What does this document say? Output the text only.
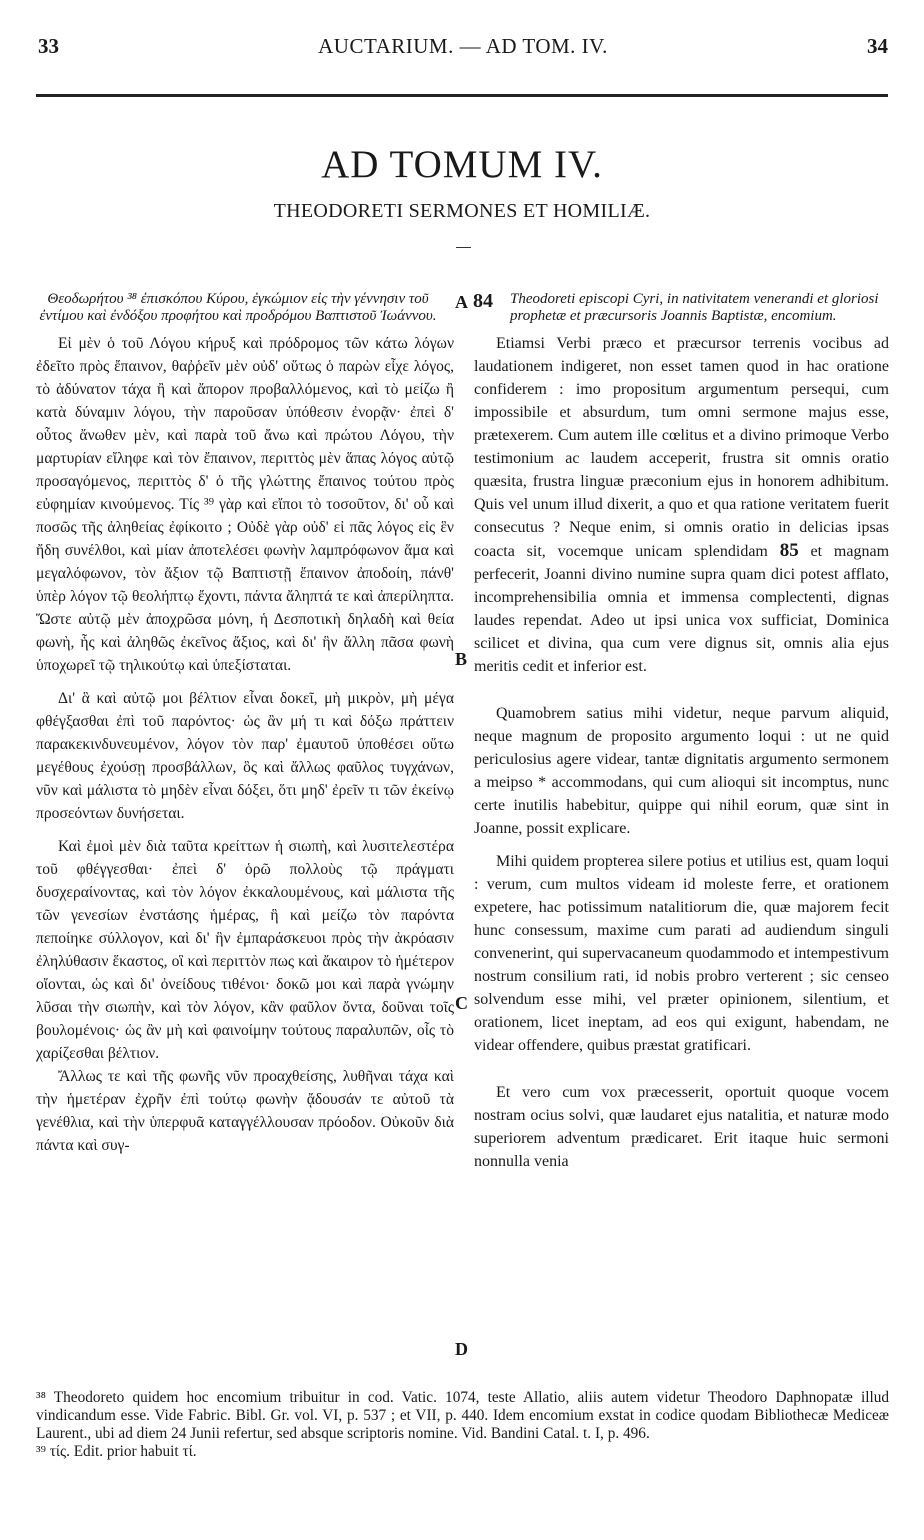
33	AUCTARIUM. — AD TOM. IV.	34
AD TOMUM IV.
THEODORETI SERMONES ET HOMILIÆ.

Θεοδωρήτου ³⁸ ἐπισκόπου Κύρου, ἐγκώμιον εἰς τὴν γέννησιν τοῦ ἐντίμου καὶ ἐνδόξου προφήτου καὶ προδρόμου Βαπτιστοῦ Ἰωάννου.

Εἰ μὲν ὁ τοῦ Λόγου κήρυξ καὶ πρόδρομος τῶν κάτω λόγων ἐδεῖτο πρὸς ἔπαινον, θαῤῥεῖν μὲν οὐδ' οὕτως ὁ παρὼν εἶχε λόγος, τὸ ἀδύνατον τάχα ἢ καὶ ἄπορον προβαλλόμενος, καὶ τὸ μείζω ἢ κατὰ δύναμιν λόγου, τὴν παροῦσαν ὑπόθεσιν ἐνορᾷν· ἐπεὶ δ' οὗτος ἄνωθεν μὲν, καὶ παρὰ τοῦ ἄνω καὶ πρώτου Λόγου, τὴν μαρτυρίαν εἴληφε καὶ τὸν ἔπαινον, περιττὸς μὲν ἅπας λόγος αὐτῷ προσαγόμενος, περιττὸς δ' ὁ τῆς γλώττης ἔπαινος τούτου πρὸς εὐφημίαν κινούμενος. Τίς ³⁹ γὰρ καὶ εἴποι τὸ τοσοῦτον, δι' οὗ καὶ ποσῶς τῆς ἀληθείας ἐφίκοιτο ; Οὐδὲ γὰρ οὐδ' εἰ πᾶς λόγος εἰς ἓν ἤδη συνέλθοι, καὶ μίαν ἀποτελέσει φωνὴν λαμπρόφωνον ἅμα καὶ μεγαλόφωνον, τὸν ἄξιον τῷ Βαπτιστῇ ἔπαινον ἀποδοίη, πάνθ' ὑπὲρ λόγον τῷ θεολήπτῳ ἔχοντι, πάντα ἄληπτά τε καὶ ἀπερίληπτα. Ὥστε αὐτῷ μὲν ἀποχρῶσα μόνη, ἡ Δεσποτικὴ δηλαδὴ καὶ θεία φωνὴ, ἧς καὶ ἀληθῶς ἐκεῖνος ἄξιος, καὶ δι' ἣν ἄλλη πᾶσα φωνὴ ὑποχωρεῖ τῷ τηλικούτῳ καὶ ὑπεξίσταται.

Δι' ἃ καὶ αὐτῷ μοι βέλτιον εἶναι δοκεῖ, μὴ μικρὸν, μὴ μέγα φθέγξασθαι ἐπὶ τοῦ παρόντος· ὡς ἂν μή τι καὶ δόξω πράττειν παρακεκινδυνευμένον, λόγον τὸν παρ' ἐμαυτοῦ ὑποθέσει οὕτω μεγέθους ἐχούσῃ προσβάλλων, ὃς καὶ ἄλλως φαῦλος τυγχάνων, νῦν καὶ μάλιστα τὸ μηδὲν εἶναι δόξει, ὅτι μηδ' ἐρεῖν τι τῶν ἐκείνῳ προσεόντων δυνήσεται.

Καὶ ἐμοὶ μὲν διὰ ταῦτα κρείττων ἡ σιωπὴ, καὶ λυσιτελεστέρα τοῦ φθέγγεσθαι· ἐπεὶ δ' ὁρῶ πολλοὺς τῷ πράγματι δυσχεραίνοντας, καὶ τὸν λόγον ἐκκαλουμένους, καὶ μάλιστα τῆς τῶν γενεσίων ἐνστάσης ἡμέρας, ἣ καὶ μείζω τὸν παρόντα πεποίηκε σύλλογον, καὶ δι' ἣν ἐμπαράσκευοι πρὸς τὴν ἀκρόασιν ἐληλύθασιν ἕκαστος, οἳ καὶ περιττὸν πως καὶ ἄκαιρον τὸ ἡμέτερον οἴονται, ὡς καὶ δι' ὀνείδους τιθένοι· δοκῶ μοι καὶ παρὰ γνώμην λῦσαι τὴν σιωπὴν, καὶ τὸν λόγον, κἂν φαῦλον ὄντα, δοῦναι τοῖς βουλομένοις· ὡς ἂν μὴ καὶ φαινοίμην τούτους παραλυπῶν, οἷς τὸ χαρίζεσθαι βέλτιον.

Ἄλλως τε καὶ τῆς φωνῆς νῦν προαχθείσης, λυθῆναι τάχα καὶ τὴν ἡμετέραν ἐχρῆν ἐπὶ τούτῳ φωνὴν ᾄδουσάν τε αὐτοῦ τὰ γενέθλια, καὶ τὴν ὑπερφυᾶ καταγγέλλουσαν πρόοδον. Οὐκοῦν διὰ πάντα καὶ συγ-

Theodoreti episcopi Cyri, in nativitatem venerandi et gloriosi prophetæ et præcursoris Joannis Baptistæ, encomium.

Etiamsi Verbi præco et præcursor terrenis vocibus ad laudationem indigeret, non esset tamen quod in hac oratione confiderem : imo propositum argumentum persequi, cum impossibile et absurdum, tum omni sermone majus esse, prætexerem. Cum autem ille cœlitus et a divino primoque Verbo testimonium ac laudem acceperit, frustra sit omnis oratio quæsita, frustra linguæ præconium ejus in honorem adhibitum. Quis vel unum illud dixerit, a quo et qua ratione veritatem fuerit consecutus ? Neque enim, si omnis oratio in delicias ipsas coacta sit, vocemque unicam splendidam 85 et magnam perfecerit, Joanni divino numine supra quam dici potest afflato, incomprehensibilia omnia et immensa complectenti, dignas laudes rependat. Adeo ut ipsi unica vox sufficiat, Dominica scilicet et divina, qua cum vere dignus sit, omnis alia ejus meritis cedit et inferior est.

Quamobrem satius mihi videtur, neque parvum aliquid, neque magnum de proposito argumento loqui : ut ne quid periculosius agere videar, tantæ dignitatis argumento sermonem a meipso * accommodans, qui cum alioqui sit incomptus, nunc certe inutilis habebitur, quippe qui nihil eorum, quæ sint in Joanne, possit explicare.

Mihi quidem propterea silere potius et utilius est, quam loqui : verum, cum multos videam id moleste ferre, et orationem expetere, hac potissimum natalitiorum die, quæ majorem fecit hunc consessum, maxime cum parati ad audiendum singuli convenerint, qui supervacaneum quodammodo et intempestivum nostrum consilium rati, id nobis probro verterent ; sic censeo solvendum esse mihi, vel præter opinionem, silentium, et orationem, licet ineptam, ad eos qui exigunt, habendam, ne videar offendere, quibus præstat gratificari.

Et vero cum vox præcesserit, oportuit quoque vocem nostram ocius solvi, quæ laudaret ejus natalitia, et naturæ modo superiorem adventum prædicaret. Erit itaque huic sermoni nonnulla venia

A 84
B
C
D

³⁸ Theodoreto quidem hoc encomium tribuitur in cod. Vatic. 1074, teste Allatio, aliis autem videtur Theodoro Daphnopatæ illud vindicandum esse. Vide Fabric. Bibl. Gr. vol. VI, p. 537 ; et VII, p. 440. Idem encomium exstat in codice quodam Bibliothecæ Mediceæ Laurent., ubi ad diem 24 Junii refertur, sed absque scriptoris nomine. Vid. Bandini Catal. t. I, p. 496.

³⁹ τίς. Edit. prior habuit τί.
